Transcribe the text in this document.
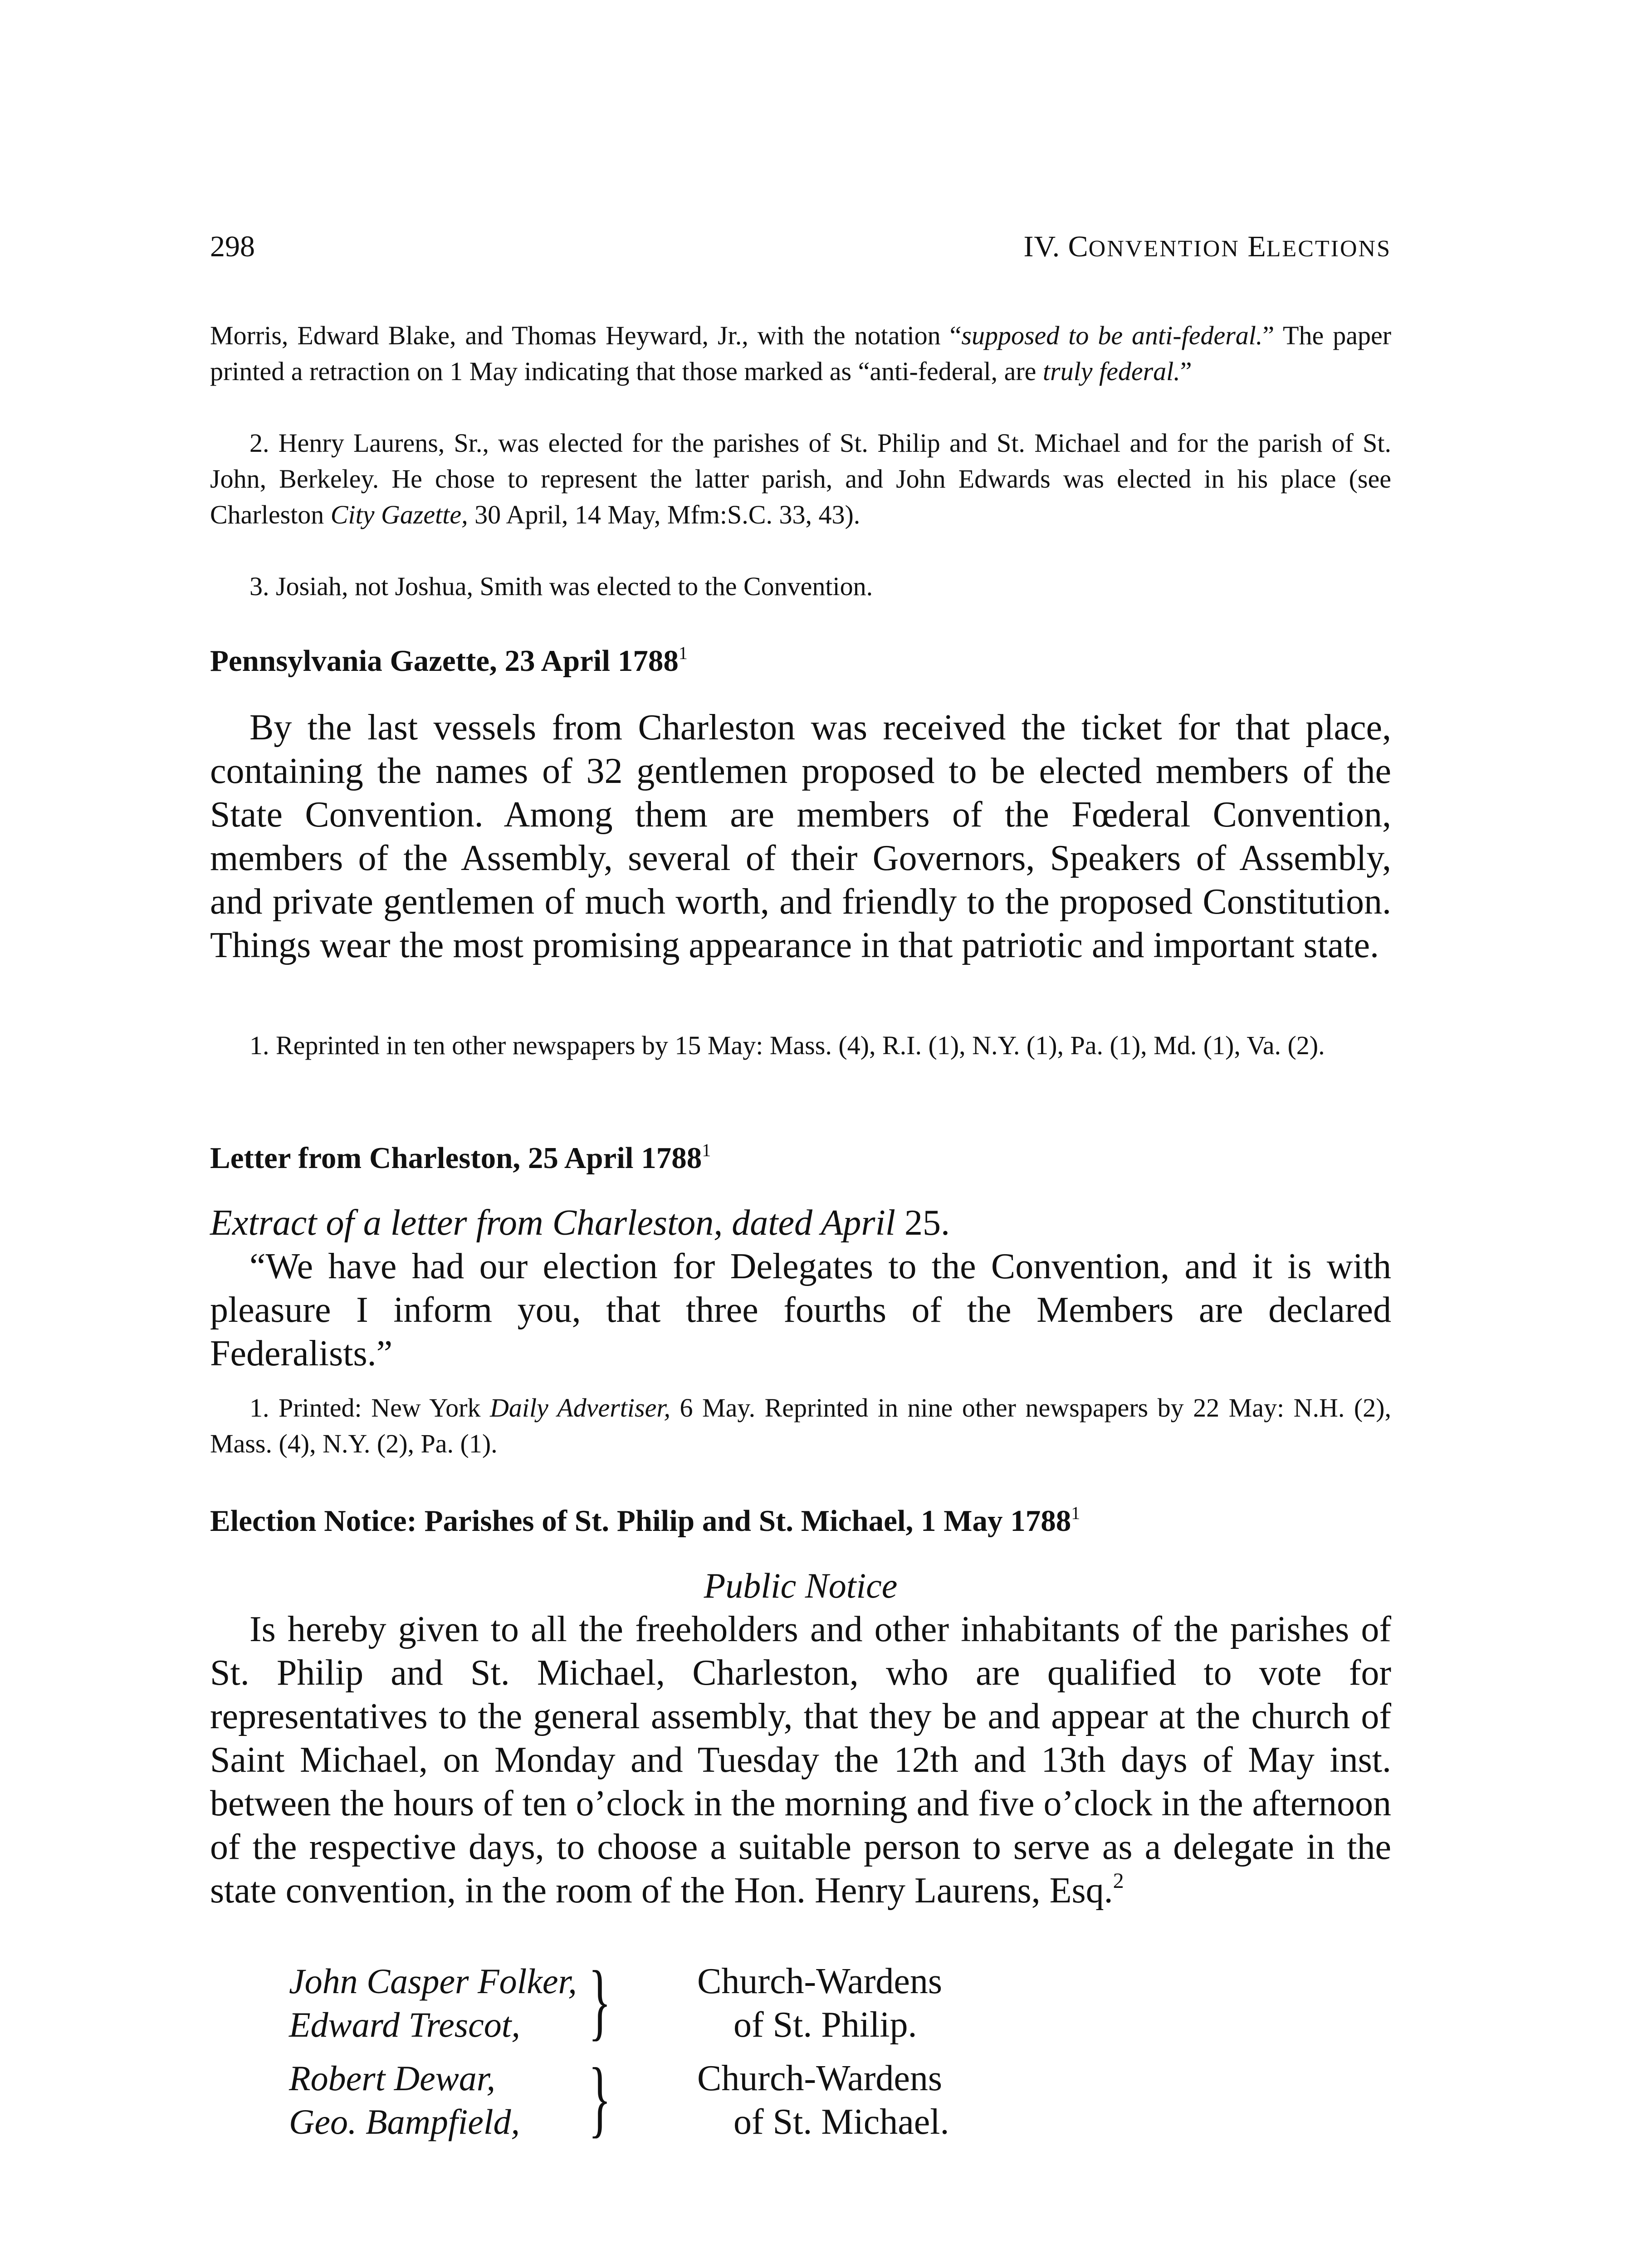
298	IV. CONVENTION ELECTIONS

Morris, Edward Blake, and Thomas Heyward, Jr., with the notation “supposed to be anti-federal.” The paper printed a retraction on 1 May indicating that those marked as “anti-federal, are truly federal.”

2. Henry Laurens, Sr., was elected for the parishes of St. Philip and St. Michael and for the parish of St. John, Berkeley. He chose to represent the latter parish, and John Edwards was elected in his place (see Charleston City Gazette, 30 April, 14 May, Mfm:S.C. 33, 43).

3. Josiah, not Joshua, Smith was elected to the Convention.

Pennsylvania Gazette, 23 April 1788$^1$

By the last vessels from Charleston was received the ticket for that place, containing the names of 32 gentlemen proposed to be elected members of the State Convention. Among them are members of the Fœderal Convention, members of the Assembly, several of their Governors, Speakers of Assembly, and private gentlemen of much worth, and friendly to the proposed Constitution. Things wear the most promising appearance in that patriotic and important state.

1. Reprinted in ten other newspapers by 15 May: Mass. (4), R.I. (1), N.Y. (1), Pa. (1), Md. (1), Va. (2).

Letter from Charleston, 25 April 1788$^1$

Extract of a letter from Charleston, dated April 25.

“We have had our election for Delegates to the Convention, and it is with pleasure I inform you, that three fourths of the Members are declared Federalists.”

1. Printed: New York Daily Advertiser, 6 May. Reprinted in nine other newspapers by 22 May: N.H. (2), Mass. (4), N.Y. (2), Pa. (1).

Election Notice: Parishes of St. Philip and St. Michael, 1 May 1788$^1$

Public Notice

Is hereby given to all the freeholders and other inhabitants of the parishes of St. Philip and St. Michael, Charleston, who are qualified to vote for representatives to the general assembly, that they be and appear at the church of Saint Michael, on Monday and Tuesday the 12th and 13th days of May inst. between the hours of ten o’clock in the morning and five o’clock in the afternoon of the respective days, to choose a suitable person to serve as a delegate in the state convention, in the room of the Hon. Henry Laurens, Esq.$^2$

John Casper Folker,
Edward Trescot, } Church-Wardens
of St. Philip.
Robert Dewar,
Geo. Bampfield, } Church-Wardens
of St. Michael.
